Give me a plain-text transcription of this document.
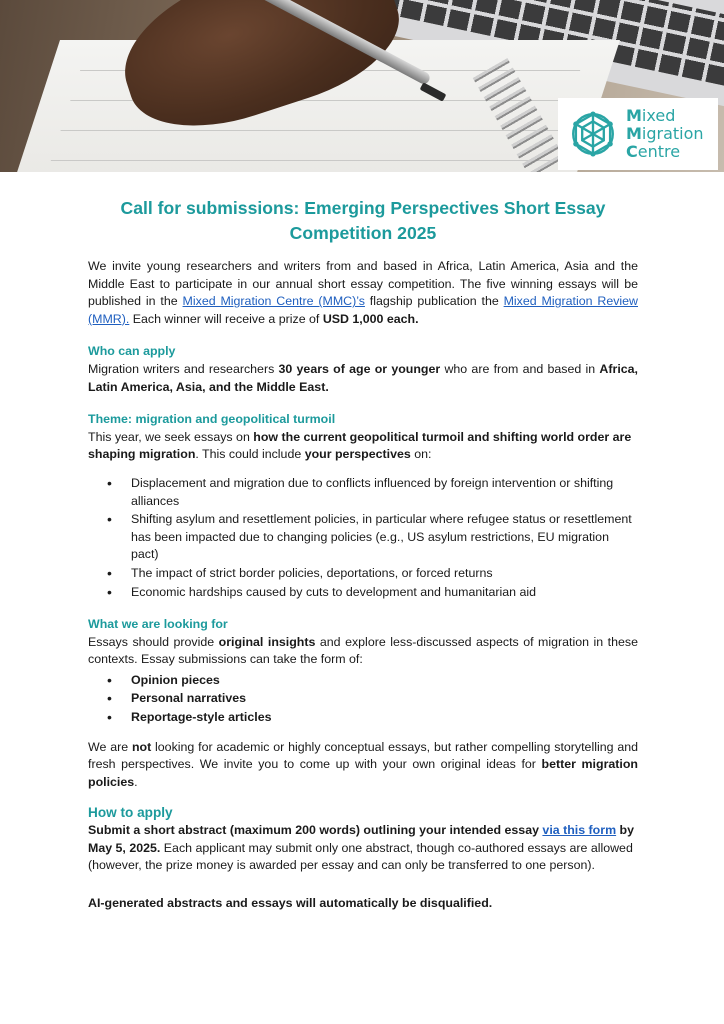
Mixed
Migration
Centre
Call for submissions: Emerging Perspectives Short Essay
Competition 2025

We invite young researchers and writers from and based in Africa, Latin America, Asia and the Middle East to participate in our annual short essay competition. The five winning essays will be published in the Mixed Migration Centre (MMC)’s flagship publication the Mixed Migration Review (MMR). Each winner will receive a prize of USD 1,000 each.

Who can apply

Migration writers and researchers 30 years of age or younger who are from and based in Africa, Latin America, Asia, and the Middle East.

Theme: migration and geopolitical turmoil

This year, we seek essays on how the current geopolitical turmoil and shifting world order are shaping migration. This could include your perspectives on:

• Displacement and migration due to conflicts influenced by foreign intervention or shifting alliances
• Shifting asylum and resettlement policies, in particular where refugee status or resettlement has been impacted due to changing policies (e.g., US asylum restrictions, EU migration pact)
• The impact of strict border policies, deportations, or forced returns
• Economic hardships caused by cuts to development and humanitarian aid
What we are looking for

Essays should provide original insights and explore less-discussed aspects of migration in these contexts. Essay submissions can take the form of:

• Opinion pieces
• Personal narratives
• Reportage-style articles

We are not looking for academic or highly conceptual essays, but rather compelling storytelling and fresh perspectives. We invite you to come up with your own original ideas for better migration policies.

How to apply

Submit a short abstract (maximum 200 words) outlining your intended essay via this form by May 5, 2025. Each applicant may submit only one abstract, though co-authored essays are allowed (however, the prize money is awarded per essay and can only be transferred to one person).

AI-generated abstracts and essays will automatically be disqualified.
